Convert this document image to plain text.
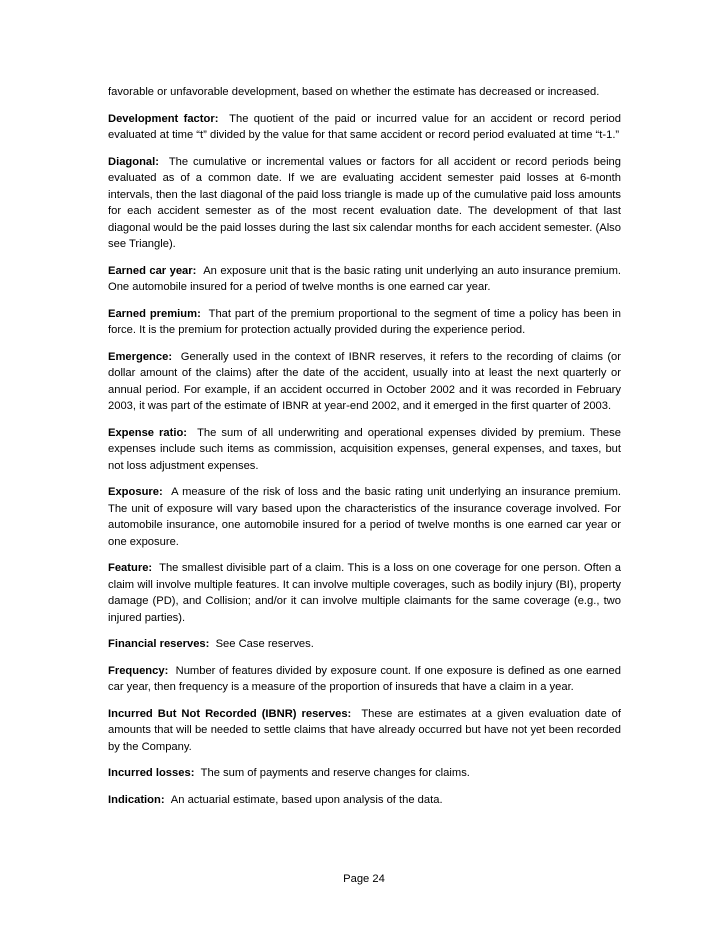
favorable or unfavorable development, based on whether the estimate has decreased or increased.

Development factor: The quotient of the paid or incurred value for an accident or record period evaluated at time “t” divided by the value for that same accident or record period evaluated at time “t-1.”

Diagonal: The cumulative or incremental values or factors for all accident or record periods being evaluated as of a common date. If we are evaluating accident semester paid losses at 6-month intervals, then the last diagonal of the paid loss triangle is made up of the cumulative paid loss amounts for each accident semester as of the most recent evaluation date. The development of that last diagonal would be the paid losses during the last six calendar months for each accident semester. (Also see Triangle).

Earned car year: An exposure unit that is the basic rating unit underlying an auto insurance premium. One automobile insured for a period of twelve months is one earned car year.

Earned premium: That part of the premium proportional to the segment of time a policy has been in force. It is the premium for protection actually provided during the experience period.

Emergence: Generally used in the context of IBNR reserves, it refers to the recording of claims (or dollar amount of the claims) after the date of the accident, usually into at least the next quarterly or annual period. For example, if an accident occurred in October 2002 and it was recorded in February 2003, it was part of the estimate of IBNR at year-end 2002, and it emerged in the first quarter of 2003.

Expense ratio: The sum of all underwriting and operational expenses divided by premium. These expenses include such items as commission, acquisition expenses, general expenses, and taxes, but not loss adjustment expenses.

Exposure: A measure of the risk of loss and the basic rating unit underlying an insurance premium. The unit of exposure will vary based upon the characteristics of the insurance coverage involved. For automobile insurance, one automobile insured for a period of twelve months is one earned car year or one exposure.

Feature: The smallest divisible part of a claim. This is a loss on one coverage for one person. Often a claim will involve multiple features. It can involve multiple coverages, such as bodily injury (BI), property damage (PD), and Collision; and/or it can involve multiple claimants for the same coverage (e.g., two injured parties).

Financial reserves: See Case reserves.

Frequency: Number of features divided by exposure count. If one exposure is defined as one earned car year, then frequency is a measure of the proportion of insureds that have a claim in a year.

Incurred But Not Recorded (IBNR) reserves: These are estimates at a given evaluation date of amounts that will be needed to settle claims that have already occurred but have not yet been recorded by the Company.

Incurred losses: The sum of payments and reserve changes for claims.

Indication: An actuarial estimate, based upon analysis of the data.

Page 24
